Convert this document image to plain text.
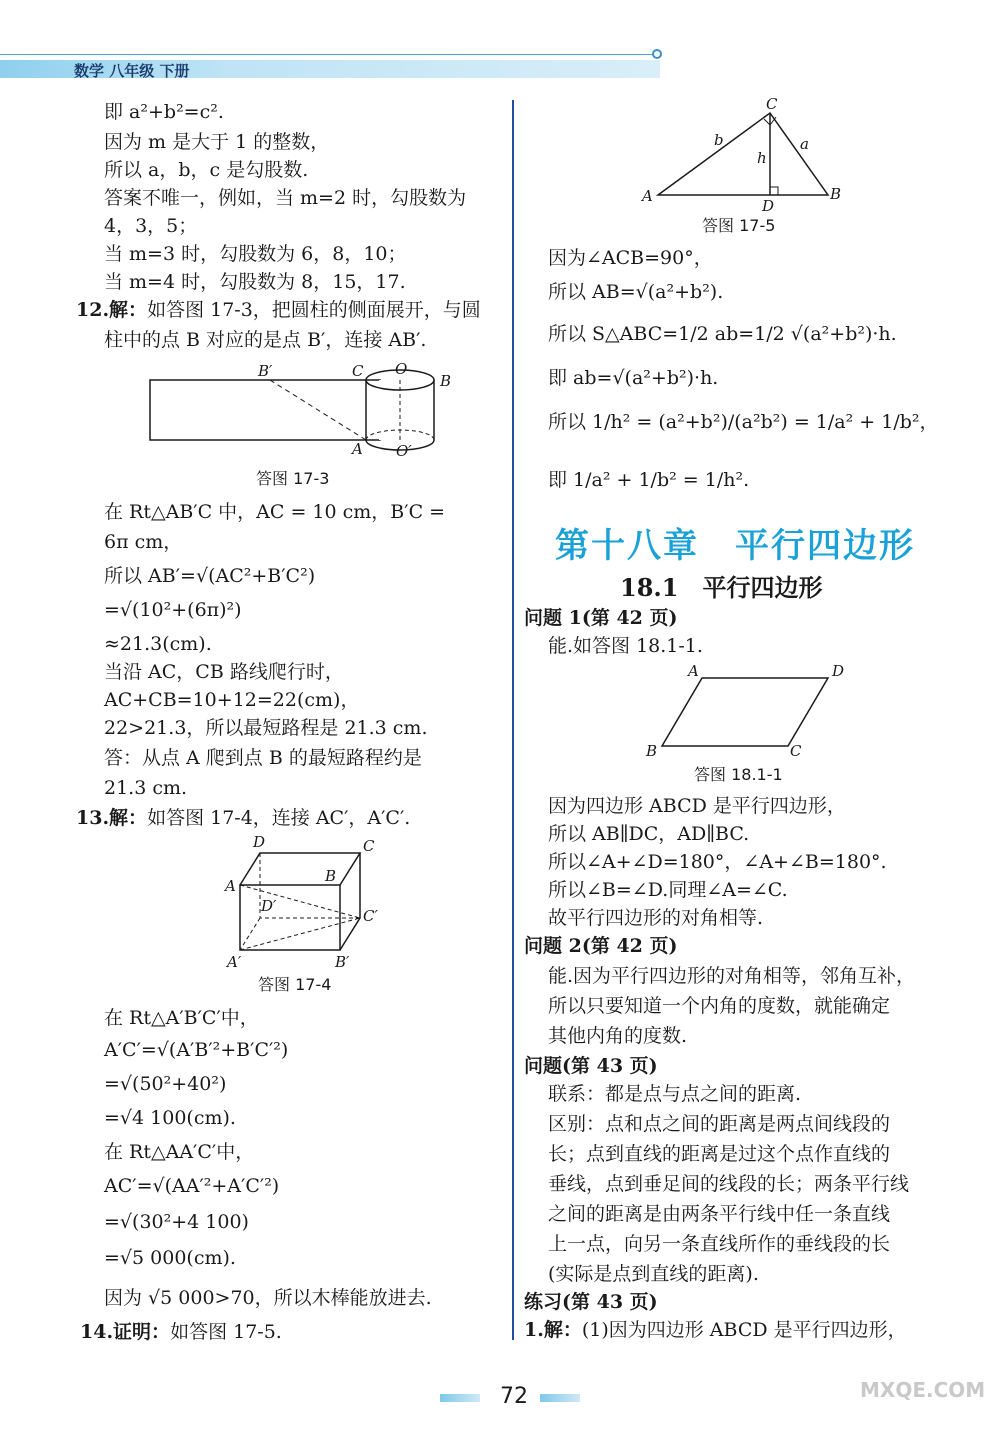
数学 八年级 下册
即 a²+b²=c².
因为 m 是大于 1 的整数，
所以 a，b，c 是勾股数.
答案不唯一，例如，当 m=2 时，勾股数为
4，3，5；
当 m=3 时，勾股数为 6，8，10；
当 m=4 时，勾股数为 8，15，17.
12.解：如答图 17-3，把圆柱的侧面展开，与圆
柱中的点 B 对应的是点 B′，连接 AB′.
在 Rt△AB′C 中，AC = 10 cm，B′C =
6π cm，
所以 AB′=√(AC²+B′C²)
=√(10²+(6π)²)
≈21.3(cm).
当沿 AC，CB 路线爬行时，
AC+CB=10+12=22(cm)，
22>21.3，所以最短路程是 21.3 cm.
答：从点 A 爬到点 B 的最短路程约是
21.3 cm.
13.解：如答图 17-4，连接 AC′，A′C′.
在 Rt△A′B′C′中，
A′C′=√(A′B′²+B′C′²)
=√(50²+40²)
=√4 100(cm).
在 Rt△AA′C′中，
AC′=√(AA′²+A′C′²)
=√(30²+4 100)
=√5 000(cm).
因为 √5 000>70，所以木棒能放进去.
14.证明：如答图 17-5.
因为∠ACB=90°，
所以 AB=√(a²+b²).
所以 S△ABC=1/2 ab=1/2 √(a²+b²)·h.
即 ab=√(a²+b²)·h.
所以 1/h² = (a²+b²)/(a²b²) = 1/a² + 1/b²，
即 1/a² + 1/b² = 1/h².
问题 1(第 42 页)
能.如答图 18.1-1.
因为四边形 ABCD 是平行四边形，
所以 AB∥DC，AD∥BC.
所以∠A+∠D=180°，∠A+∠B=180°.
所以∠B=∠D.同理∠A=∠C.
故平行四边形的对角相等.
问题 2(第 42 页)
能.因为平行四边形的对角相等，邻角互补，
所以只要知道一个内角的度数，就能确定
其他内角的度数.
问题(第 43 页)
联系：都是点与点之间的距离.
区别：点和点之间的距离是两点间线段的
长；点到直线的距离是过这个点作直线的
垂线，点到垂足间的线段的长；两条平行线
之间的距离是由两条平行线中任一条直线
上一点，向另一条直线所作的垂线段的长
(实际是点到直线的距离).
练习(第 43 页)
1.解：(1)因为四边形 ABCD 是平行四边形，
B′	C O
B
A O′
答图 17-3
D	C
A
B
D′
C′
A′	B′
答图 17-4
C
b	a
h
A
D
B
答图 17-5
第十八章　平行四边形
18.1　平行四边形
A	D
B	C
答图 18.1-1
72	MXQE.COM
